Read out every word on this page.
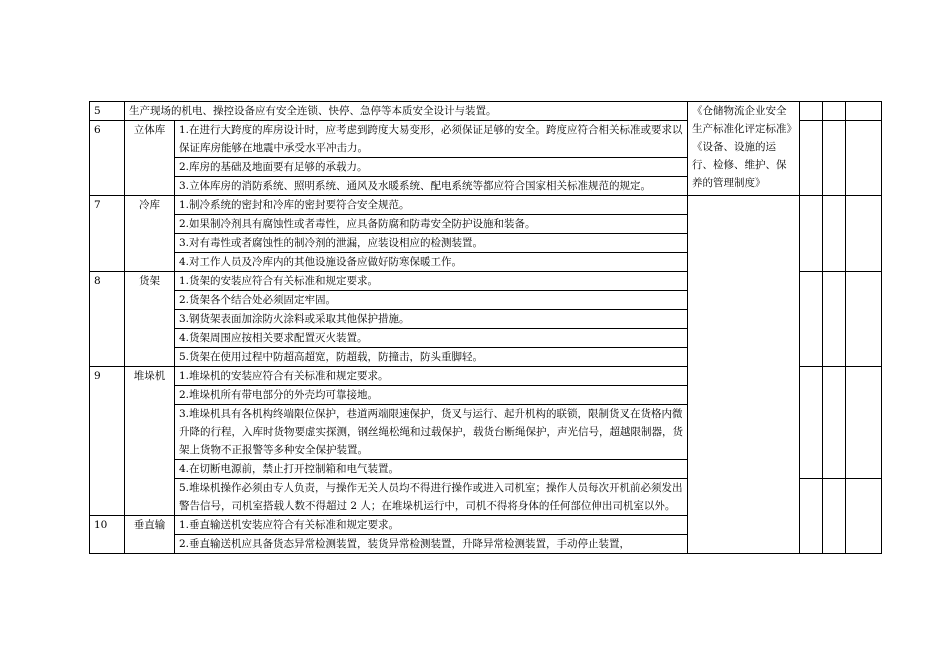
5	生产现场的机电、操控设备应有安全连锁、快停、急停等本质安全设计与装置。		《仓储物流企业安全生产标准化评定标准》《设备、设施的运行、检修、维护、保养的管理制度》			

6	立体库	1.在进行大跨度的库房设计时，应考虑到跨度大易变形，必须保证足够的安全。跨度应符合相关标准或要求以保证库房能够在地震中承受水平冲击力。				
		2.库房的基础及地面要有足够的承载力。				
		3.立体库房的消防系统、照明系统、通风及水暖系统、配电系统等都应符合国家相关标准规范的规定。				
7	冷库	1.制冷系统的密封和冷库的密封要符合安全规范。				
		2.如果制冷剂具有腐蚀性或者毒性，应具备防腐和防毒安全防护设施和装备。				
		3.对有毒性或者腐蚀性的制冷剂的泄漏，应装设相应的检测装置。				
		4.对工作人员及冷库内的其他设施设备应做好防寒保暖工作。				
8	货架	1.货架的安装应符合有关标准和规定要求。				
		2.货架各个结合处必须固定牢固。				
		3.钢货架表面加涂防火涂料或采取其他保护措施。				
		4.货架周围应按相关要求配置灭火装置。				
		5.货架在使用过程中防超高超宽，防超载，防撞击，防头重脚轻。				
9	堆垛机	1.堆垛机的安装应符合有关标准和规定要求。				
		2.堆垛机所有带电部分的外壳均可靠接地。				
		3.堆垛机具有各机构终端限位保护，巷道两端限速保护，货叉与运行、起升机构的联锁，限制货叉在货格内微升降的行程，入库时货物要虚实探测，钢丝绳松绳和过载保护，载货台断绳保护，声光信号，超越限制器，货架上货物不正报警等多种安全保护装置。				
		4.在切断电源前，禁止打开控制箱和电气装置。				
		5.堆垛机操作必须由专人负责，与操作无关人员均不得进行操作或进入司机室；操作人员每次开机前必须发出警告信号，司机室搭载人数不得超过 2 人；在堆垛机运行中，司机不得将身体的任何部位伸出司机室以外。				
10	垂直输	1.垂直输送机安装应符合有关标准和规定要求。				
		2.垂直输送机应具备货态异常检测装置，装货异常检测装置，升降异常检测装置，手动停止装置，				
